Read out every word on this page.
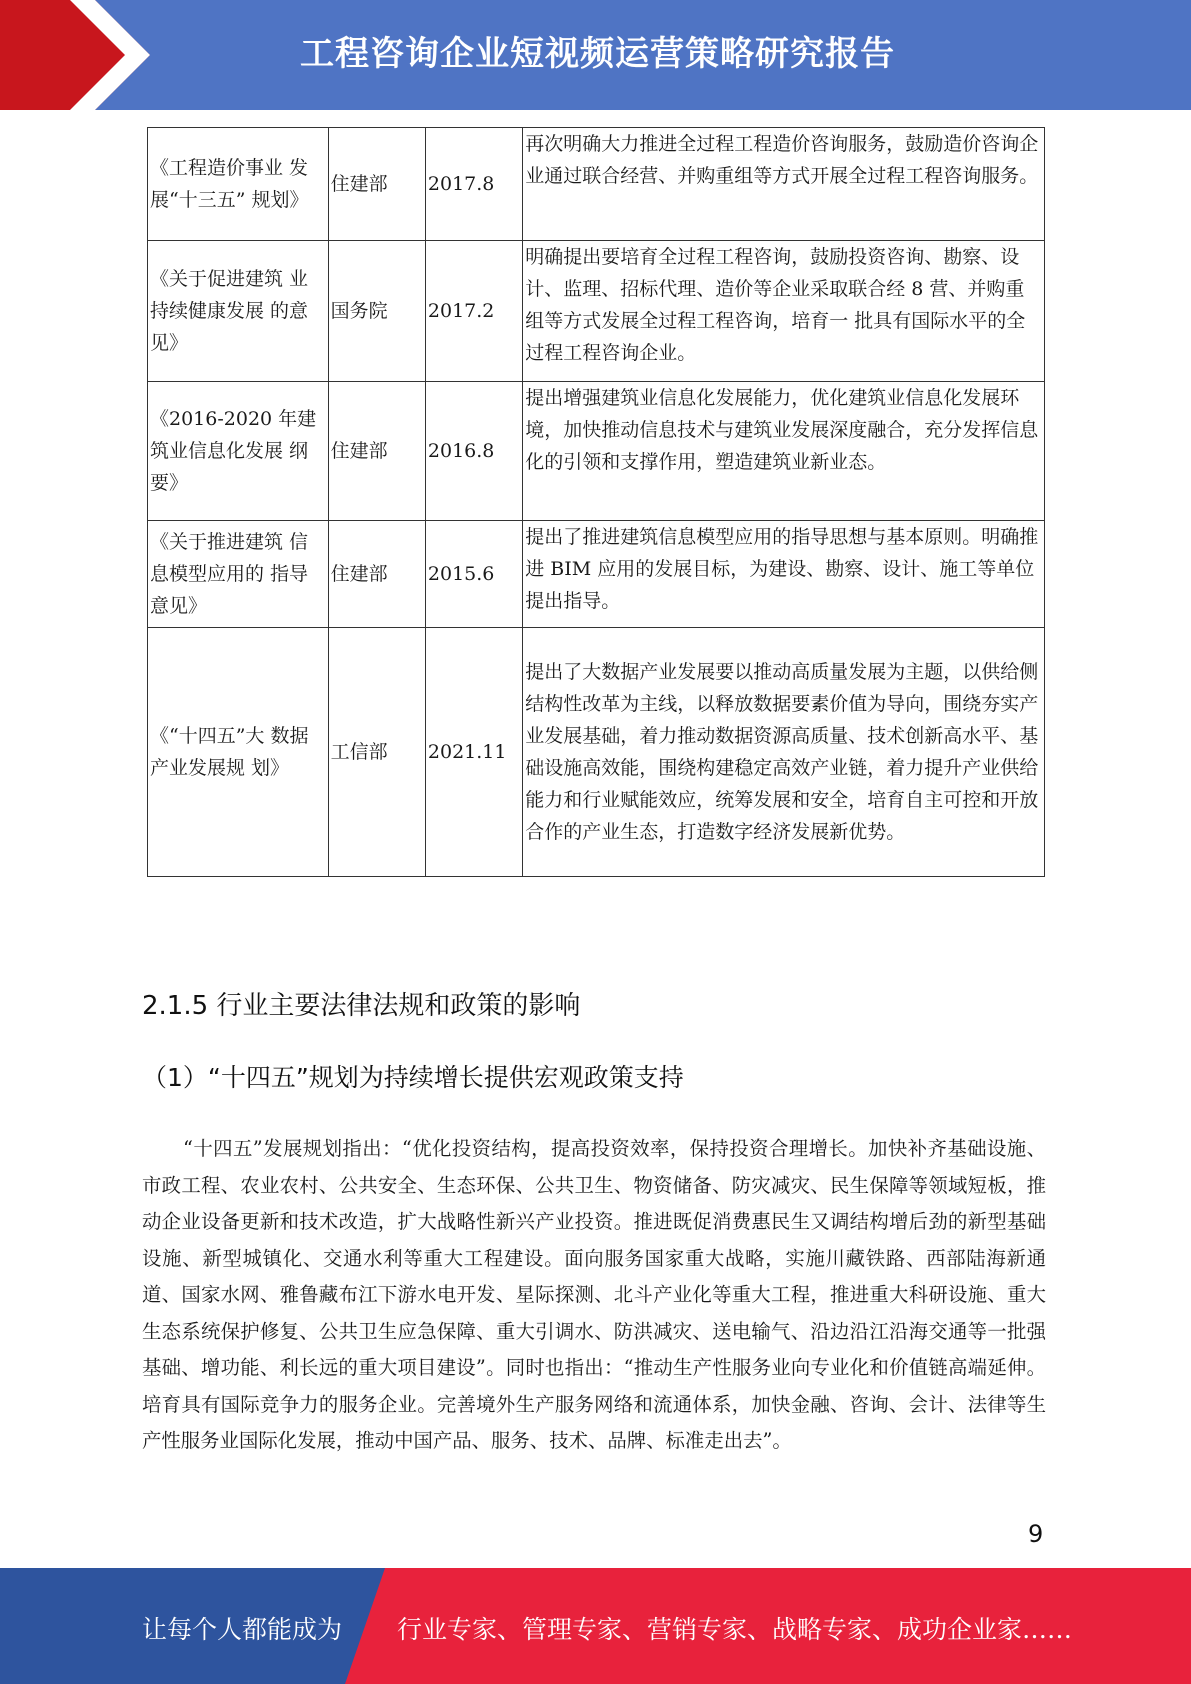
工程咨询企业短视频运营策略研究报告
《工程造价事业 发展“十三五” 规划》	住建部	2017.8	再次明确大力推进全过程工程造价咨询服务，鼓励造价咨询企业通过联合经营、并购重组等方式开展全过程工程咨询服务。
《关于促进建筑 业持续健康发展 的意见》	国务院	2017.2	明确提出要培育全过程工程咨询，鼓励投资咨询、勘察、设计、监理、招标代理、造价等企业采取联合经 8 营、并购重组等方式发展全过程工程咨询，培育一 批具有国际水平的全过程工程咨询企业。
《2016-2020 年建筑业信息化发展 纲要》	住建部	2016.8	提出增强建筑业信息化发展能力，优化建筑业信息化发展环境，加快推动信息技术与建筑业发展深度融合，充分发挥信息化的引领和支撑作用，塑造建筑业新业态。
《关于推进建筑 信息模型应用的 指导意见》	住建部	2015.6	提出了推进建筑信息模型应用的指导思想与基本原则。明确推进 BIM 应用的发展目标，为建设、勘察、设计、施工等单位提出指导。
《“十四五”大 数据产业发展规 划》	工信部	2021.11	提出了大数据产业发展要以推动高质量发展为主题，以供给侧结构性改革为主线，以释放数据要素价值为导向，围绕夯实产业发展基础，着力推动数据资源高质量、技术创新高水平、基础设施高效能，围绕构建稳定高效产业链，着力提升产业供给能力和行业赋能效应，统筹发展和安全，培育自主可控和开放合作的产业生态，打造数字经济发展新优势。
2.1.5 行业主要法律法规和政策的影响
（1）“十四五”规划为持续增长提供宏观政策支持

“十四五”发展规划指出：“优化投资结构，提高投资效率，保持投资合理增长。加快补齐基础设施、市政工程、农业农村、公共安全、生态环保、公共卫生、物资储备、防灾减灾、民生保障等领域短板，推动企业设备更新和技术改造，扩大战略性新兴产业投资。推进既促消费惠民生又调结构增后劲的新型基础设施、新型城镇化、交通水利等重大工程建设。面向服务国家重大战略，实施川藏铁路、西部陆海新通道、国家水网、雅鲁藏布江下游水电开发、星际探测、北斗产业化等重大工程，推进重大科研设施、重大生态系统保护修复、公共卫生应急保障、重大引调水、防洪减灾、送电输气、沿边沿江沿海交通等一批强基础、增功能、利长远的重大项目建设”。同时也指出：“推动生产性服务业向专业化和价值链高端延伸。培育具有国际竞争力的服务企业。完善境外生产服务网络和流通体系，加快金融、咨询、会计、法律等生产性服务业国际化发展，推动中国产品、服务、技术、品牌、标准走出去”。

9
让每个人都能成为 行业专家、管理专家、营销专家、战略专家、成功企业家……
